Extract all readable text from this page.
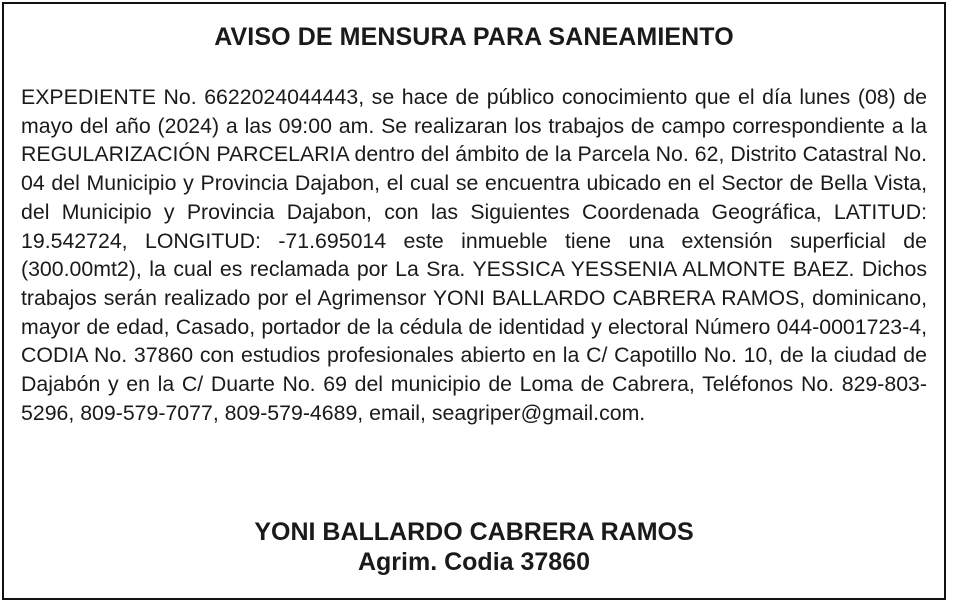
AVISO DE MENSURA PARA SANEAMIENTO
EXPEDIENTE No. 6622024044443, se hace de público conocimiento que el día lunes (08) de mayo del año (2024) a las 09:00 am. Se realizaran los trabajos de campo correspondiente a la REGULARIZACIÓN PARCELARIA dentro del ámbito de la Parcela No. 62, Distrito Catastral No. 04 del Municipio y Provincia Dajabon, el cual se encuentra ubicado en el Sector de Bella Vista, del Municipio y Provincia Dajabon, con las Siguientes Coordenada Geográfica, LATITUD: 19.542724, LONGITUD: -71.695014 este inmueble tiene una extensión superficial de (300.00mt2), la cual es reclamada por La Sra. YESSICA YESSENIA ALMONTE BAEZ. Dichos trabajos serán realizado por el Agrimensor YONI BALLARDO CABRERA RAMOS, dominicano, mayor de edad, Casado, portador de la cédula de identidad y electoral Número 044-0001723-4, CODIA No. 37860 con estudios profesionales abierto en la C/ Capotillo No. 10, de la ciudad de Dajabón y en la C/ Duarte No. 69 del municipio de Loma de Cabrera, Teléfonos No. 829-803-5296, 809-579-7077, 809-579-4689, email, seagriper@gmail.com.
YONI BALLARDO CABRERA RAMOS
Agrim. Codia 37860
